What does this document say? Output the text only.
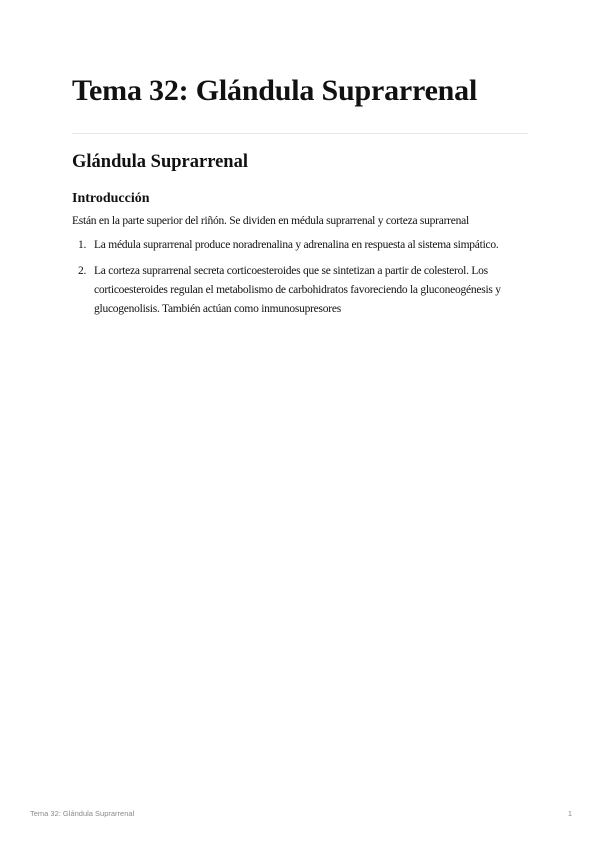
Tema 32: Glándula Suprarrenal
Glándula Suprarrenal
Introducción

Están en la parte superior del riñón. Se dividen en médula suprarrenal y corteza suprarrenal

1. La médula suprarrenal produce noradrenalina y adrenalina en respuesta al sistema simpático.
2. La corteza suprarrenal secreta corticoesteroides que se sintetizan a partir de colesterol. Los corticoesteroides regulan el metabolismo de carbohidratos favoreciendo la gluconeogénesis y glucogenolisis. También actúan como inmunosupresores
Tema 32: Glándula Suprarrenal	1
